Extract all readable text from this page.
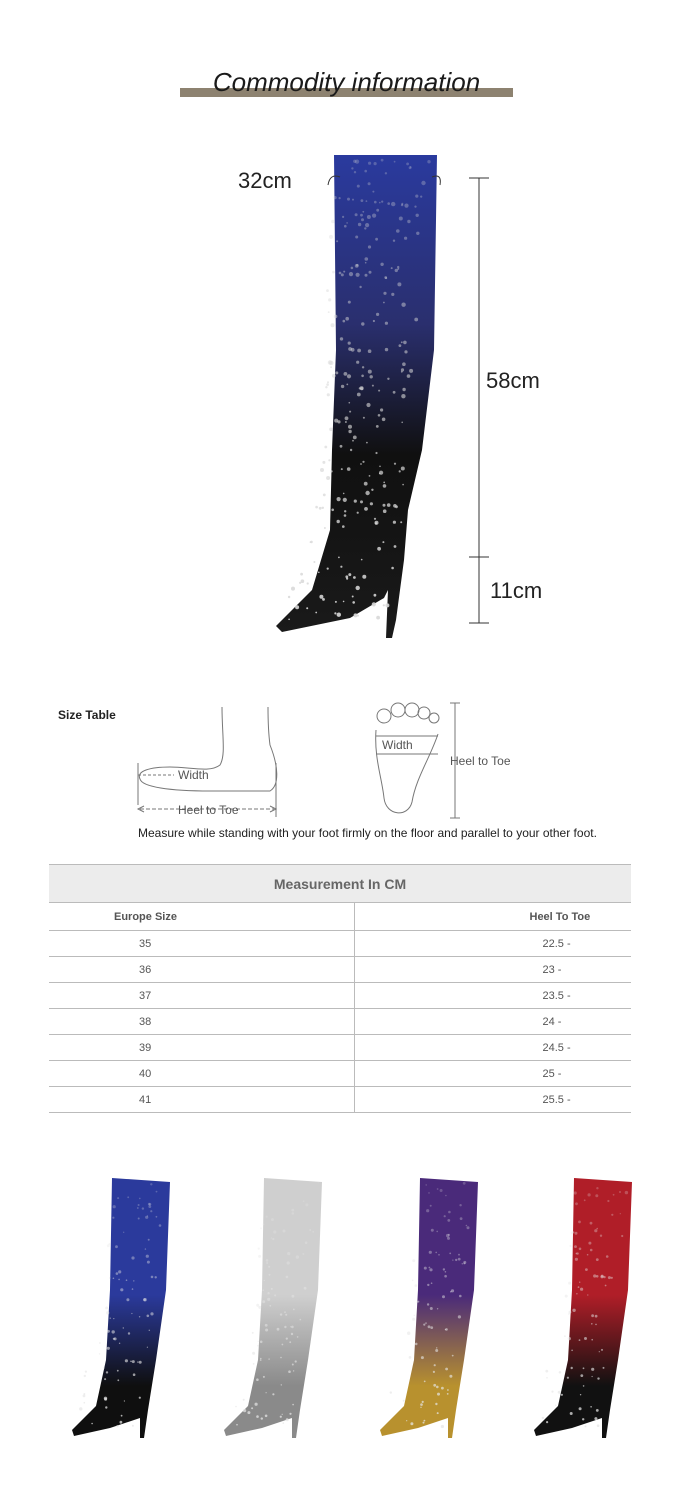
Commodity information
32cm
58cm
11cm
Size Table
Width
Heel to Toe
Width
Heel to Toe
Measure while standing with your foot firmly on the floor and parallel to your other foot.
Measurement In CM	
Europe Size	Heel To Toe
35	22.5 -
36	23 -
37	23.5 -
38	24 -
39	24.5 -
40	25 -
41	25.5 -
